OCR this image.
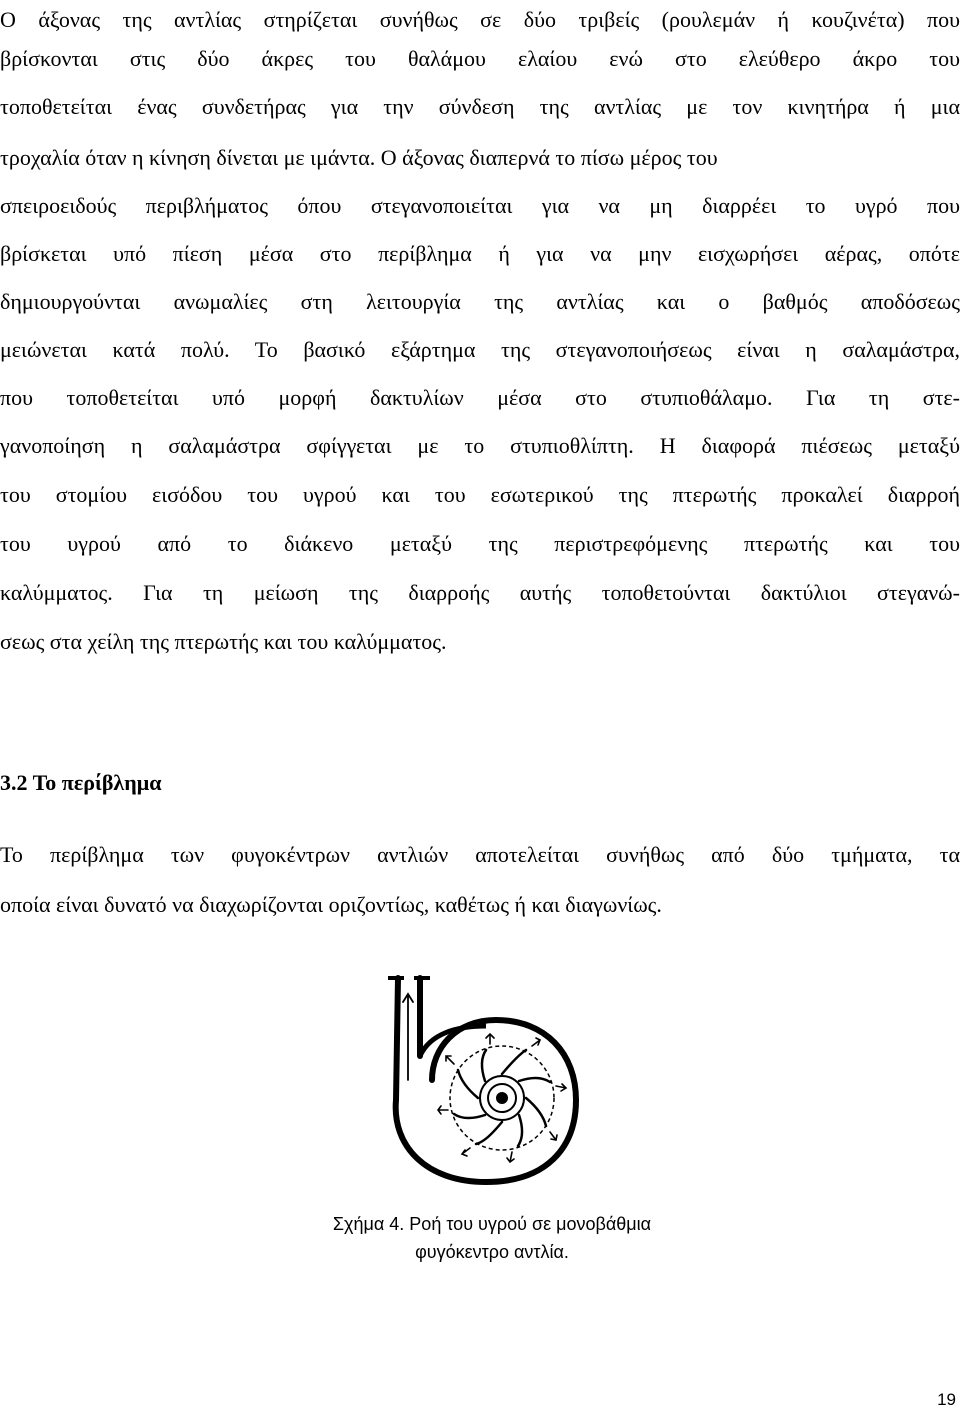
Ο άξονας της αντλίας στηρίζεται συνήθως σε δύο τριβείς (ρουλεμάν ή κουζινέτα) που
βρίσκονται στις δύο άκρες του θαλάμου ελαίου ενώ στο ελεύθερο άκρο του
τοποθετείται ένας συνδετήρας για την σύνδεση της αντλίας με τον κινητήρα ή μια
τροχαλία όταν η κίνηση δίνεται με ιμάντα. Ο άξονας διαπερνά το πίσω μέρος του
σπειροειδούς περιβλήματος όπου στεγανοποιείται για να μη διαρρέει το υγρό που
βρίσκεται υπό πίεση μέσα στο περίβλημα ή για να μην εισχωρήσει αέρας, οπότε
δημιουργούνται ανωμαλίες στη λειτουργία της αντλίας και ο βαθμός αποδόσεως
μειώνεται κατά πολύ. Το βασικό εξάρτημα της στεγανοποιήσεως είναι η σαλαμάστρα,
που τοποθετείται υπό μορφή δακτυλίων μέσα στο στυπιοθάλαμο. Για τη στε-
γανοποίηση η σαλαμάστρα σφίγγεται με το στυπιοθλίπτη. Η διαφορά πιέσεως μεταξύ
του στομίου εισόδου του υγρού και του εσωτερικού της πτερωτής προκαλεί διαρροή
του υγρού από το διάκενο μεταξύ της περιστρεφόμενης πτερωτής και του
καλύμματος. Για τη μείωση της διαρροής αυτής τοποθετούνται δακτύλιοι στεγανώ-
σεως στα χείλη της πτερωτής και του καλύμματος.
3.2 Το περίβλημα
Το περίβλημα των φυγοκέντρων αντλιών αποτελείται συνήθως από δύο τμήματα, τα
οποία είναι δυνατό να διαχωρίζονται οριζοντίως, καθέτως ή και διαγωνίως.
Σχήμα 4. Ροή του υγρού σε μονοβάθμια
φυγόκεντρο αντλία.
19
